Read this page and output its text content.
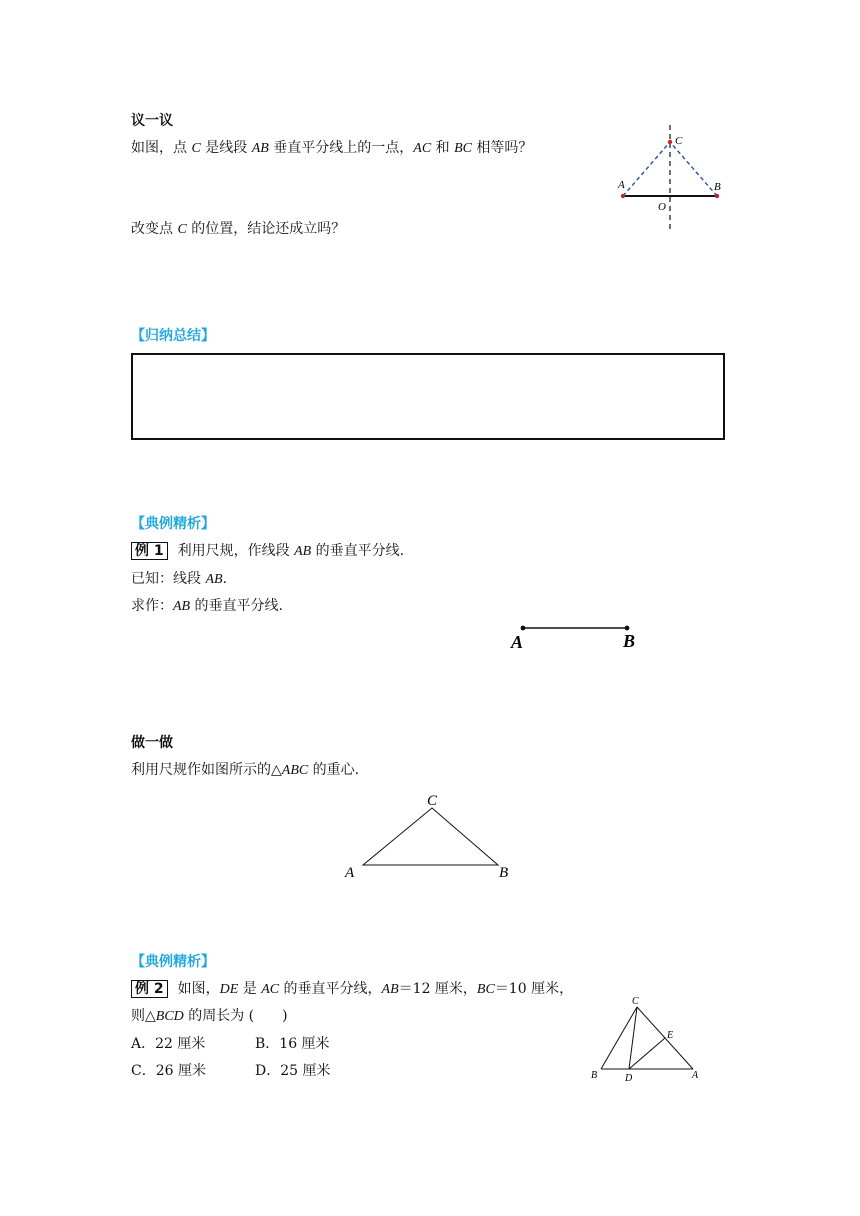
议一议
如图，点 C 是线段 AB 垂直平分线上的一点，AC 和 BC 相等吗？
改变点 C 的位置，结论还成立吗？
C
A	B
O
【归纳总结】
【典例精析】
例 1 利用尺规，作线段 AB 的垂直平分线.
已知：线段 AB.
求作：AB 的垂直平分线.
A	B
做一做
利用尺规作如图所示的△ABC 的重心.
C
A	B
【典例精析】
例 2 如图，DE 是 AC 的垂直平分线，AB＝12 厘米，BC＝10 厘米，
则△BCD 的周长为 (　　)
A．22 厘米	B．16 厘米
C．26 厘米	D．25 厘米
C
E
B	D	A
